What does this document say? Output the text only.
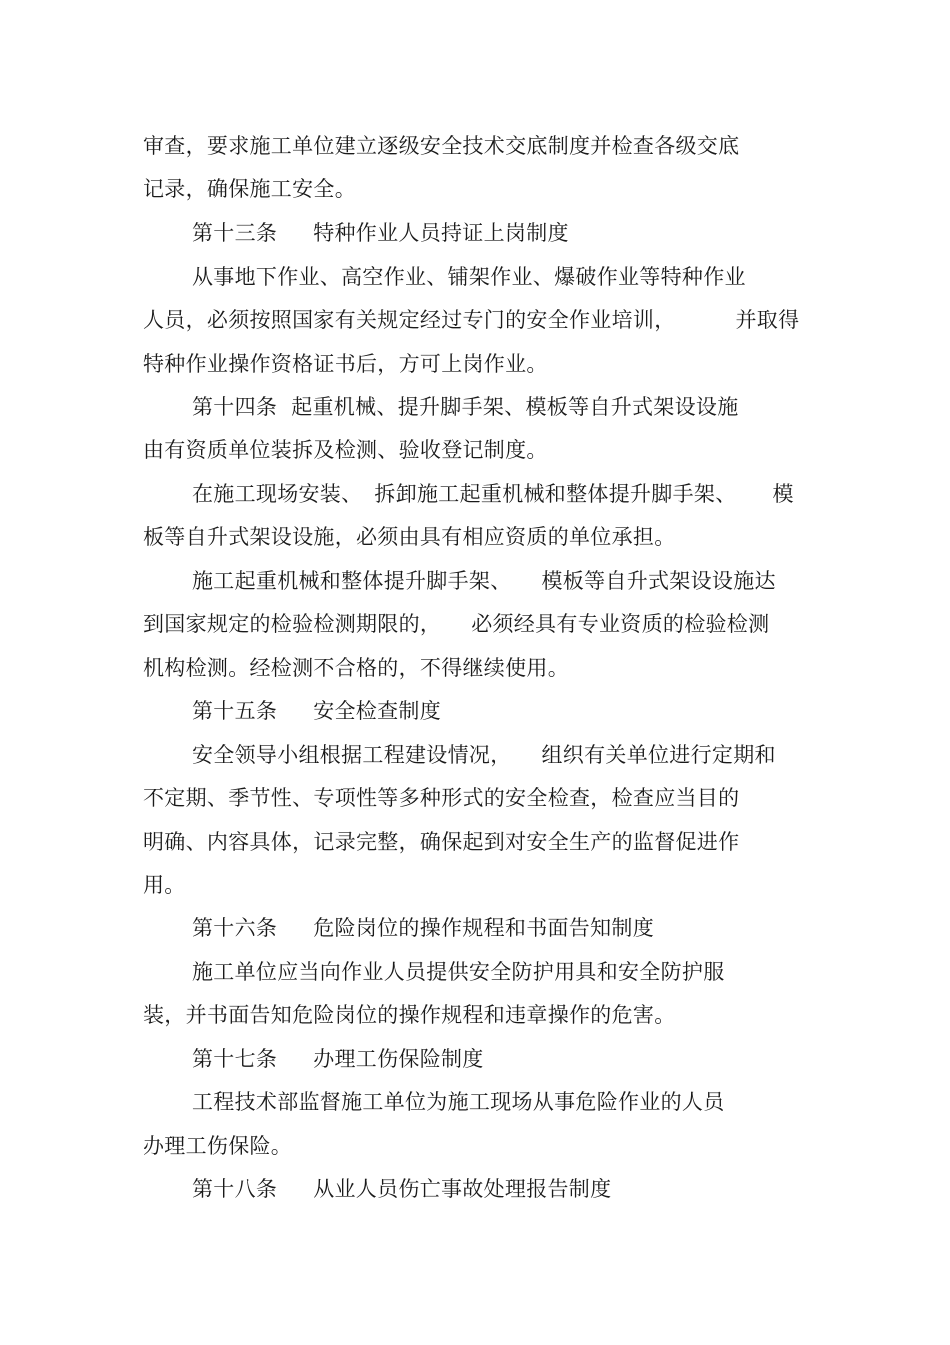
审查，要求施工单位建立逐级安全技术交底制度并检查各级交底
记录，确保施工安全。
第十三条 特种作业人员持证上岗制度
从事地下作业、高空作业、铺架作业、爆破作业等特种作业
人员，必须按照国家有关规定经过专门的安全作业培训，	并取得
特种作业操作资格证书后，方可上岗作业。
第十四条 起重机械、提升脚手架、模板等自升式架设设施
由有资质单位装拆及检测、验收登记制度。
在施工现场安装、 拆卸施工起重机械和整体提升脚手架、 模
板等自升式架设设施，必须由具有相应资质的单位承担。
施工起重机械和整体提升脚手架、 模板等自升式架设设施达
到国家规定的检验检测期限的， 必须经具有专业资质的检验检测
机构检测。经检测不合格的，不得继续使用。
第十五条 安全检查制度
安全领导小组根据工程建设情况， 组织有关单位进行定期和
不定期、季节性、专项性等多种形式的安全检查，检查应当目的
明确、内容具体，记录完整，确保起到对安全生产的监督促进作
用。
第十六条 危险岗位的操作规程和书面告知制度
施工单位应当向作业人员提供安全防护用具和安全防护服
装，并书面告知危险岗位的操作规程和违章操作的危害。
第十七条 办理工伤保险制度
工程技术部监督施工单位为施工现场从事危险作业的人员
办理工伤保险。
第十八条 从业人员伤亡事故处理报告制度
